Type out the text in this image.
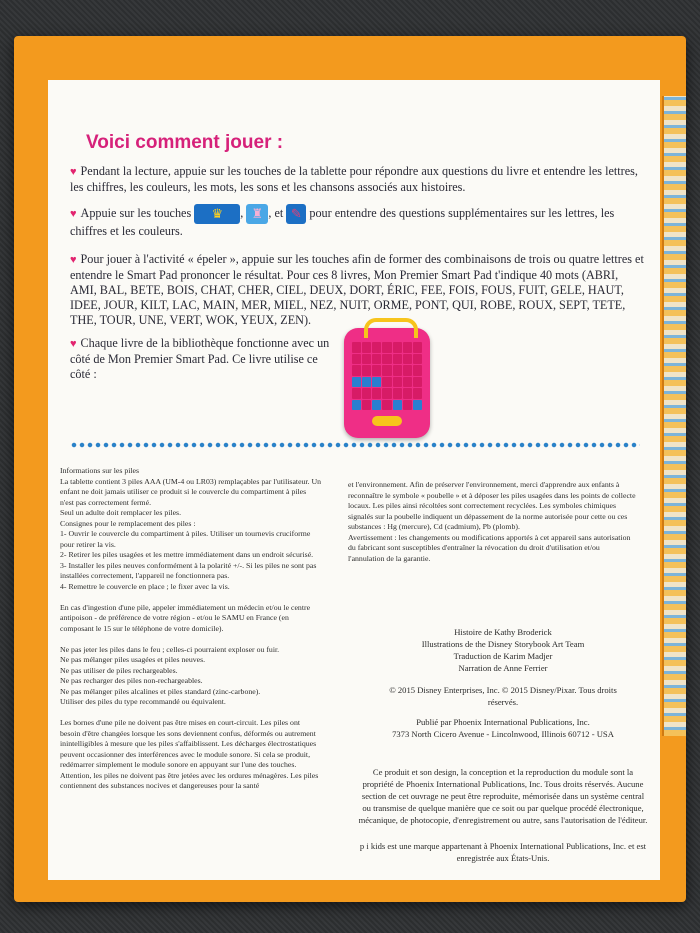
Voici comment jouer :
♥ Pendant la lecture, appuie sur les touches de la tablette pour répondre aux questions du livre et entendre les lettres, les chiffres, les couleurs, les mots, les sons et les chansons associés aux histoires.
♥ Appuie sur les touches ♛ , ♜ , et ✎ pour entendre des questions supplémentaires sur les lettres, les chiffres et les couleurs.
♥ Pour jouer à l'activité « épeler », appuie sur les touches afin de former des combinaisons de trois ou quatre lettres et entendre le Smart Pad prononcer le résultat. Pour ces 8 livres, Mon Premier Smart Pad t'indique 40 mots (ABRI, AMI, BAL, BETE, BOIS, CHAT, CHER, CIEL, DEUX, DORT, ÉRIC, FEE, FOIS, FOUS, FUIT, GELE, HAUT, IDEE, JOUR, KILT, LAC, MAIN, MER, MIEL, NEZ, NUIT, ORME, PONT, QUI, ROBE, ROUX, SEPT, TETE, THE, TOUR, UNE, VERT, WOK, YEUX, ZEN).
♥ Chaque livre de la bibliothèque fonctionne avec un côté de Mon Premier Smart Pad. Ce livre utilise ce côté :

Informations sur les piles

La tablette contient 3 piles AAA (UM-4 ou LR03) remplaçables par l'utilisateur. Un enfant ne doit jamais utiliser ce produit si le couvercle du compartiment à piles n'est pas correctement fermé.

Seul un adulte doit remplacer les piles.

Consignes pour le remplacement des piles :

1- Ouvrir le couvercle du compartiment à piles. Utiliser un tournevis cruciforme pour retirer la vis.

2- Retirer les piles usagées et les mettre immédiatement dans un endroit sécurisé.

3- Installer les piles neuves conformément à la polarité +/-. Si les piles ne sont pas installées correctement, l'appareil ne fonctionnera pas.

4- Remettre le couvercle en place ; le fixer avec la vis.

En cas d'ingestion d'une pile, appeler immédiatement un médecin et/ou le centre antipoison - de préférence de votre région - et/ou le SAMU en France (en composant le 15 sur le téléphone de votre domicile).

Ne pas jeter les piles dans le feu ; celles-ci pourraient exploser ou fuir.

Ne pas mélanger piles usagées et piles neuves.

Ne pas utiliser de piles rechargeables.

Ne pas recharger des piles non-rechargeables.

Ne pas mélanger piles alcalines et piles standard (zinc-carbone).

Utiliser des piles du type recommandé ou équivalent.

Les bornes d'une pile ne doivent pas être mises en court-circuit. Les piles ont besoin d'être changées lorsque les sons deviennent confus, déformés ou autrement inintelligibles à mesure que les piles s'affaiblissent. Les décharges électrostatiques peuvent occasionner des interférences avec le module sonore. Si cela se produit, redémarrer simplement le module sonore en appuyant sur l'une des touches.

Attention, les piles ne doivent pas être jetées avec les ordures ménagères. Les piles contiennent des substances nocives et dangereuses pour la santé

et l'environnement. Afin de préserver l'environnement, merci d'apprendre aux enfants à reconnaître le symbole « poubelle » et à déposer les piles usagées dans les points de collecte locaux. Les piles ainsi récoltées sont correctement recyclées. Les symboles chimiques signalés sur la poubelle indiquent un dépassement de la norme autorisée pour cette ou ces substances : Hg (mercure), Cd (cadmium), Pb (plomb).

Avertissement : les changements ou modifications apportés à cet appareil sans autorisation du fabricant sont susceptibles d'entraîner la révocation du droit d'utilisation et/ou l'annulation de la garantie.

Histoire de Kathy Broderick

Illustrations de the Disney Storybook Art Team

Traduction de Karim Madjer

Narration de Anne Ferrier

© 2015 Disney Enterprises, Inc. © 2015 Disney/Pixar. Tous droits réservés.

Publié par Phoenix International Publications, Inc.

7373 North Cicero Avenue - Lincolnwood, Illinois 60712 - USA

Ce produit et son design, la conception et la reproduction du module sont la propriété de Phoenix International Publications, Inc. Tous droits réservés. Aucune section de cet ouvrage ne peut être reproduite, mémorisée dans un système central ou transmise de quelque manière que ce soit ou par quelque procédé électronique, mécanique, de photocopie, d'enregistrement ou autre, sans l'autorisation de l'éditeur.
p i kids est une marque appartenant à Phoenix International Publications, Inc. et est enregistrée aux États-Unis.
